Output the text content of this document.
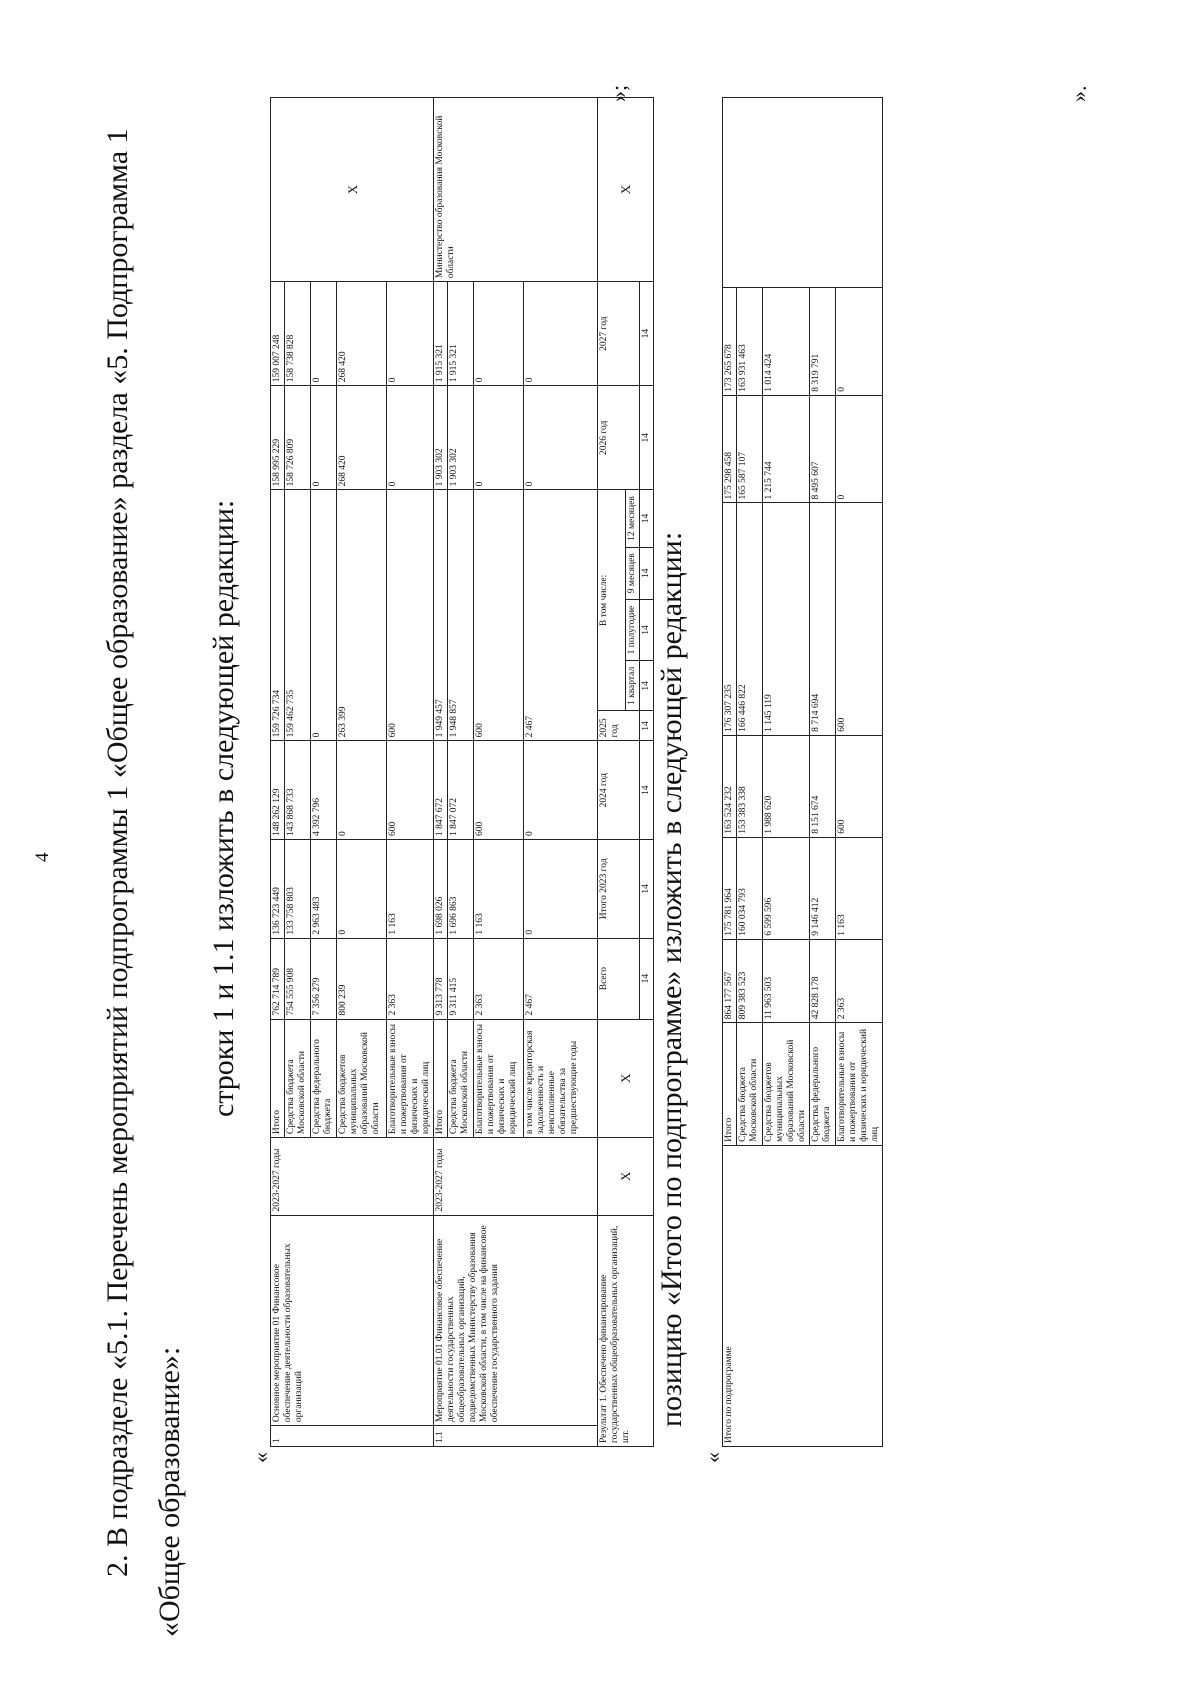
4	2. В подразделе «5.1. Перечень мероприятий подпрограммы 1 «Общее образование» раздела «5. Подпрограмма 1 «Общее образование»:
строки 1 и 1.1 изложить в следующей редакции:
«
1	Основное мероприятие 01 Финансовое обеспечение деятельности образовательных организаций	2023-2027 годы	Итого	762 714 789	136 723 449	148 262 129	159 726 734					158 995 229	159 007 248	Х
			Средства бюджета Московской области	754 555 908	133 758 803	143 868 733	159 462 735					158 726 809	158 738 828	
			Средства федерального бюджета	7 356 279	2 963 483	4 392 796	0					0	0	
			Средства бюджетов муниципальных образований Московской области	800 239	0	0	263 399					268 420	268 420	
			Благотворительные взносы и пожертвования от физических и юридический лиц	2 363	1 163	600	600					0	0	
1.1	Мероприятие 01.01 Финансовое обеспечение деятельности государственных общеобразовательных организаций, подведомственных Министерству образования Московской области, в том числе на финансовое обеспечение государственного задания	2023-2027 годы	Итого	9 313 778	1 698 026	1 847 672	1 949 457					1 903 302	1 915 321	Министерство образования Московской области
			Средства бюджета Московской области	9 311 415	1 696 863	1 847 072	1 948 857					1 903 302	1 915 321	
			Благотворительные взносы и пожертвования от физических и юридический лиц	2 363	1 163	600	600					0	0	
			в том числе кредиторская задолженность и неисполненные обязательства за предшествующие годы	2 467	0	0	2 467					0	0	
Результат 1. Обеспечено финансирование государственных общеобразовательных организаций, шт.		Х	Х	Всего	Итого 2023 год	2024 год	2025 год	В том числе:				2026 год	2027 год	Х
								1 квартал	1 полугодие	9 месяцев	12 месяцев			
				14	14	14	14	14	14	14	14	14	14	
»;
позицию «Итого по подпрограмме» изложить в следующей редакции:
«
Итого по подпрограмме	Итого	864 177 567	175 781 964	163 524 232	176 307 235	175 298 458	173 265 678	
	Средства бюджета Московской области	809 383 523	160 034 793	153 383 338	166 446 822	165 587 107	163 931 463	
	Средства бюджетов муниципальных образований Московской области	11 963 503	6 599 596	1 988 620	1 145 119	1 215 744	1 014 424	
	Средства федерального бюджета	42 828 178	9 146 412	8 151 674	8 714 694	8 495 607	8 319 791	
	Благотворительные взносы и пожертвования от физических и юридический лиц	2 363	1 163	600	600	0	0	
».
